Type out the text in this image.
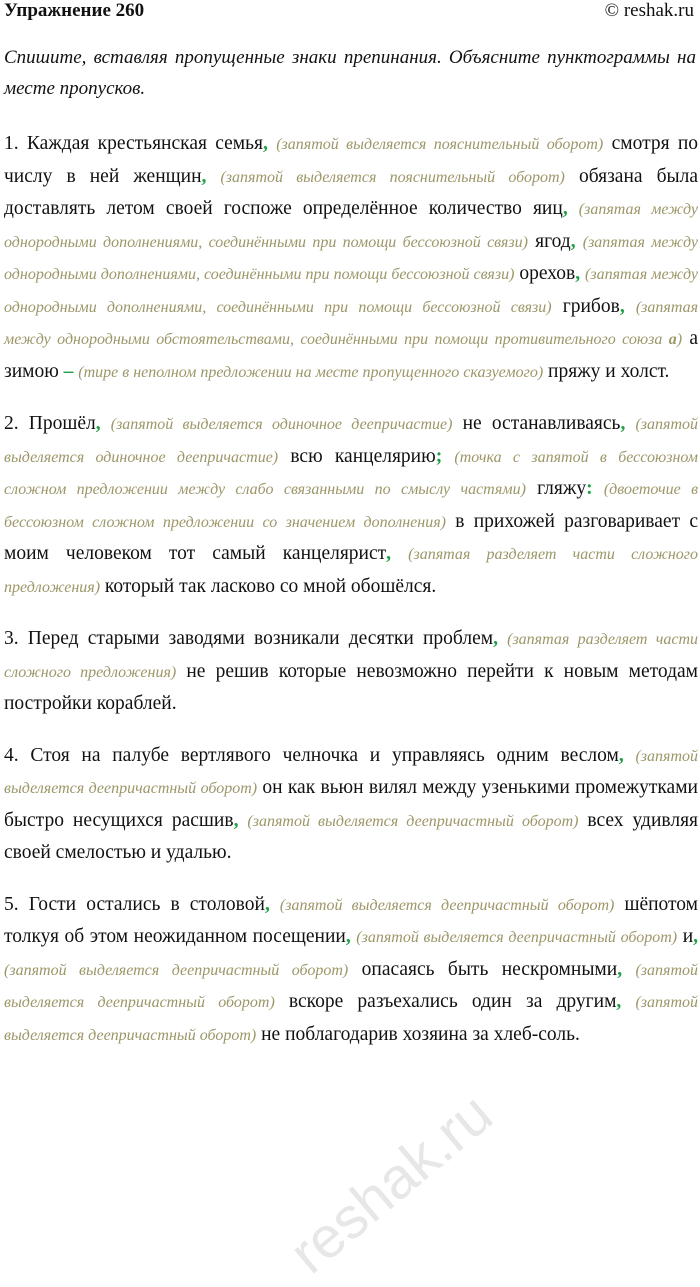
Упражнение 260	© reshak.ru
Спишите, вставляя пропущенные знаки препинания. Объясните пунктограммы на месте пропусков.

1. Каждая крестьянская семья, (запятой выделяется пояснительный оборот) смотря по числу в ней женщин, (запятой выделяется пояснительный оборот) обязана была доставлять летом своей госпоже определённое количество яиц, (запятая между однородными дополнениями, соединёнными при помощи бессоюзной связи) ягод, (запятая между однородными дополнениями, соединёнными при помощи бессоюзной связи) орехов, (запятая между однородными дополнениями, соединёнными при помощи бессоюзной связи) грибов, (запятая между однородными обстоятельствами, соединёнными при помощи противительного союза а) а зимою – (тире в неполном предложении на месте пропущенного сказуемого) пряжу и холст.

2. Прошёл, (запятой выделяется одиночное деепричастие) не останавливаясь, (запятой выделяется одиночное деепричастие) всю канцелярию; (точка с запятой в бессоюзном сложном предложении между слабо связанными по смыслу частями) гляжу: (двоеточие в бессоюзном сложном предложении со значением дополнения) в прихожей разговаривает с моим человеком тот самый канцелярист, (запятая разделяет части сложного предложения) который так ласково со мной обошёлся.

3. Перед старыми заводями возникали десятки проблем, (запятая разделяет части сложного предложения) не решив которые невозможно перейти к новым методам постройки кораблей.

4. Стоя на палубе вертлявого челночка и управляясь одним веслом, (запятой выделяется деепричастный оборот) он как вьюн вилял между узенькими промежутками быстро несущихся расшив, (запятой выделяется деепричастный оборот) всех удивляя своей смелостью и удалью.

5. Гости остались в столовой, (запятой выделяется деепричастный оборот) шёпотом толкуя об этом неожиданном посещении, (запятой выделяется деепричастный оборот) и, (запятой выделяется деепричастный оборот) опасаясь быть нескромными, (запятой выделяется деепричастный оборот) вскоре разъехались один за другим, (запятой выделяется деепричастный оборот) не поблагодарив хозяина за хлеб-соль.

reshak.ru
